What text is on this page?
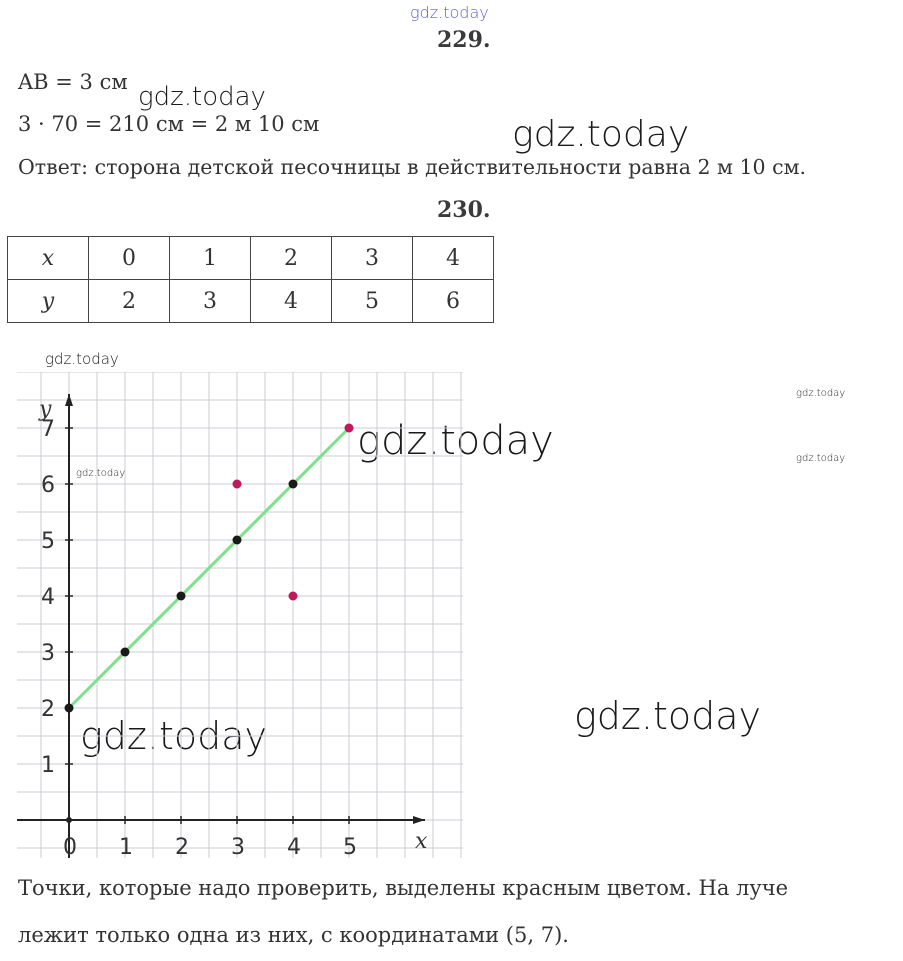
gdz.today
gdz.today
gdz.today
gdz.today
gdz.today
gdz.today
gdz.today
gdz.today
gdz.today
gdz.today
229.
AB = 3 см
3 · 70 = 210 см = 2 м 10 см
Ответ: сторона детской песочницы в действительности равна 2 м 10 см.
230.
x	0	1	2	3	4
y	2	3	4	5	6
x
y
0 1 2 3 4 5
1
2
3
4
5
6
7
Точки, которые надо проверить, выделены красным цветом. На луче
лежит только одна из них, с координатами (5, 7).
